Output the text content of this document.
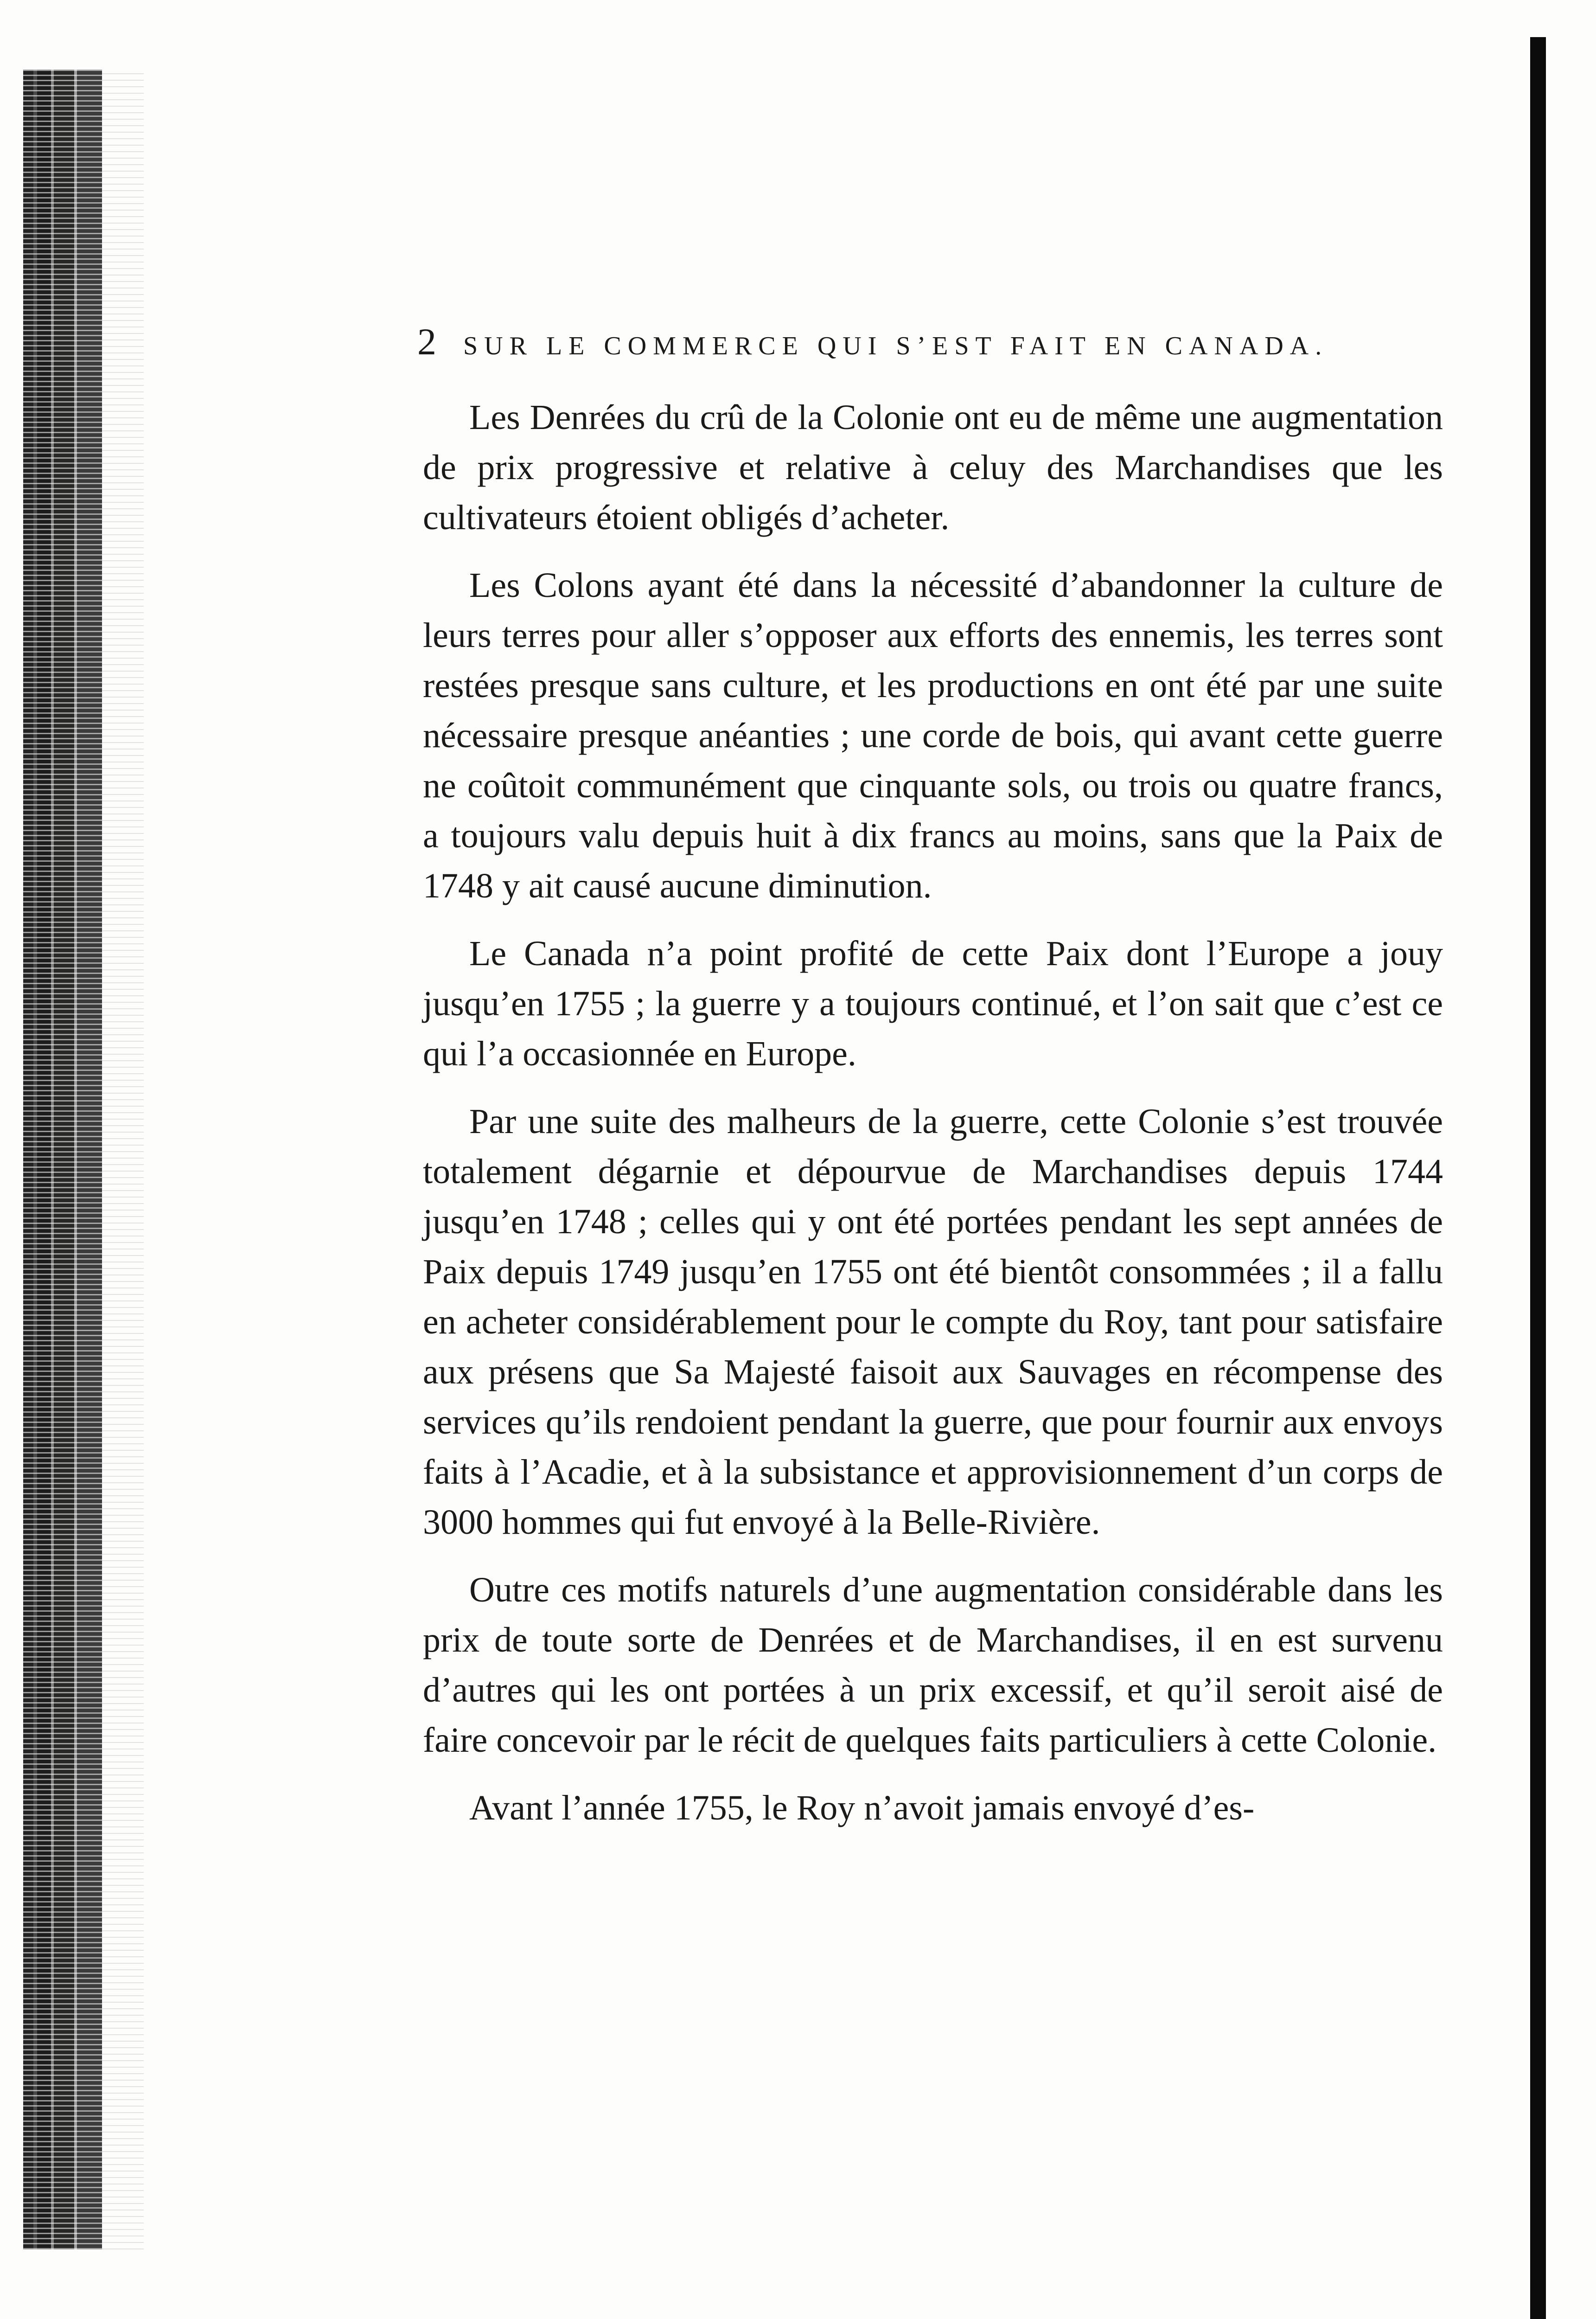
2 SUR LE COMMERCE QUI S’EST FAIT EN CANADA.

Les Denrées du crû de la Colonie ont eu de même une augmentation de prix progressive et relative à celuy des Marchandises que les cultivateurs étoient obligés d’acheter.

Les Colons ayant été dans la nécessité d’abandonner la culture de leurs terres pour aller s’opposer aux efforts des ennemis, les terres sont restées presque sans culture, et les productions en ont été par une suite nécessaire presque anéanties ; une corde de bois, qui avant cette guerre ne coûtoit communément que cinquante sols, ou trois ou quatre francs, a toujours valu depuis huit à dix francs au moins, sans que la Paix de 1748 y ait causé aucune diminution.

Le Canada n’a point profité de cette Paix dont l’Europe a jouy jusqu’en 1755 ; la guerre y a toujours continué, et l’on sait que c’est ce qui l’a occasionnée en Europe.

Par une suite des malheurs de la guerre, cette Colonie s’est trouvée totalement dégarnie et dépourvue de Marchandises depuis 1744 jusqu’en 1748 ; celles qui y ont été portées pendant les sept années de Paix depuis 1749 jusqu’en 1755 ont été bientôt consommées ; il a fallu en acheter considérablement pour le compte du Roy, tant pour satisfaire aux présens que Sa Majesté faisoit aux Sauvages en récompense des services qu’ils rendoient pendant la guerre, que pour fournir aux envoys faits à l’Acadie, et à la subsistance et approvisionnement d’un corps de 3000 hommes qui fut envoyé à la Belle-Rivière.

Outre ces motifs naturels d’une augmentation considérable dans les prix de toute sorte de Denrées et de Marchandises, il en est survenu d’autres qui les ont portées à un prix excessif, et qu’il seroit aisé de faire concevoir par le récit de quelques faits particuliers à cette Colonie.

Avant l’année 1755, le Roy n’avoit jamais envoyé d’es-
